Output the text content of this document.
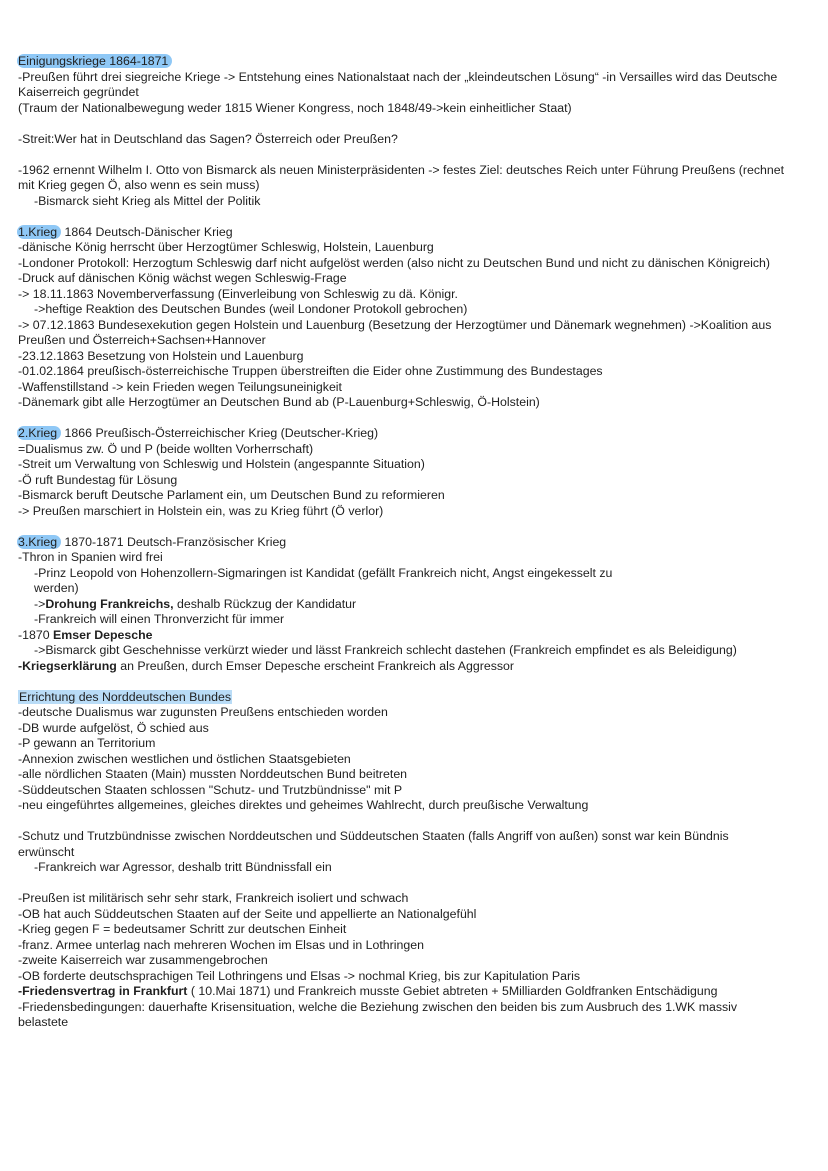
Einigungskriege 1864-1871
-Preußen führt drei siegreiche Kriege -> Entstehung eines Nationalstaat nach der „kleindeutschen Lösung“ -in Versailles wird das Deutsche
Kaiserreich gegründet
(Traum der Nationalbewegung weder 1815 Wiener Kongress, noch 1848/49->kein einheitlicher Staat)
-Streit:Wer hat in Deutschland das Sagen? Österreich oder Preußen?
-1962 ernennt Wilhelm I. Otto von Bismarck als neuen Ministerpräsidenten -> festes Ziel: deutsches Reich unter Führung Preußens (rechnet
mit Krieg gegen Ö, also wenn es sein muss)
-Bismarck sieht Krieg als Mittel der Politik
1.Krieg 1864 Deutsch-Dänischer Krieg
-dänische König herrscht über Herzogtümer Schleswig, Holstein, Lauenburg
-Londoner Protokoll: Herzogtum Schleswig darf nicht aufgelöst werden (also nicht zu Deutschen Bund und nicht zu dänischen Königreich)
-Druck auf dänischen König wächst wegen Schleswig-Frage
-> 18.11.1863 Novemberverfassung (Einverleibung von Schleswig zu dä. Königr.
->heftige Reaktion des Deutschen Bundes (weil Londoner Protokoll gebrochen)
-> 07.12.1863 Bundesexekution gegen Holstein und Lauenburg (Besetzung der Herzogtümer und Dänemark wegnehmen) ->Koalition aus
Preußen und Österreich+Sachsen+Hannover
-23.12.1863 Besetzung von Holstein und Lauenburg
-01.02.1864 preußisch-österreichische Truppen überstreiften die Eider ohne Zustimmung des Bundestages
-Waffenstillstand -> kein Frieden wegen Teilungsuneinigkeit
-Dänemark gibt alle Herzogtümer an Deutschen Bund ab (P-Lauenburg+Schleswig, Ö-Holstein)
2.Krieg 1866 Preußisch-Österreichischer Krieg (Deutscher-Krieg)
=Dualismus zw. Ö und P (beide wollten Vorherrschaft)
-Streit um Verwaltung von Schleswig und Holstein (angespannte Situation)
-Ö ruft Bundestag für Lösung
-Bismarck beruft Deutsche Parlament ein, um Deutschen Bund zu reformieren
-> Preußen marschiert in Holstein ein, was zu Krieg führt (Ö verlor)
3.Krieg 1870-1871 Deutsch-Französischer Krieg
-Thron in Spanien wird frei
-Prinz Leopold von Hohenzollern-Sigmaringen ist Kandidat (gefällt Frankreich nicht, Angst eingekesselt zu
werden)
->Drohung Frankreichs, deshalb Rückzug der Kandidatur
-Frankreich will einen Thronverzicht für immer
-1870 Emser Depesche
->Bismarck gibt Geschehnisse verkürzt wieder und lässt Frankreich schlecht dastehen (Frankreich empfindet es als Beleidigung)
-Kriegserklärung an Preußen, durch Emser Depesche erscheint Frankreich als Aggressor
Errichtung des Norddeutschen Bundes
-deutsche Dualismus war zugunsten Preußens entschieden worden
-DB wurde aufgelöst, Ö schied aus
-P gewann an Territorium
-Annexion zwischen westlichen und östlichen Staatsgebieten
-alle nördlichen Staaten (Main) mussten Norddeutschen Bund beitreten
-Süddeutschen Staaten schlossen "Schutz- und Trutzbündnisse" mit P
-neu eingeführtes allgemeines, gleiches direktes und geheimes Wahlrecht, durch preußische Verwaltung
-Schutz und Trutzbündnisse zwischen Norddeutschen und Süddeutschen Staaten (falls Angriff von außen) sonst war kein Bündnis
erwünscht
-Frankreich war Agressor, deshalb tritt Bündnissfall ein
-Preußen ist militärisch sehr sehr stark, Frankreich isoliert und schwach
-OB hat auch Süddeutschen Staaten auf der Seite und appellierte an Nationalgefühl
-Krieg gegen F = bedeutsamer Schritt zur deutschen Einheit
-franz. Armee unterlag nach mehreren Wochen im Elsas und in Lothringen
-zweite Kaiserreich war zusammengebrochen
-OB forderte deutschsprachigen Teil Lothringens und Elsas -> nochmal Krieg, bis zur Kapitulation Paris
-Friedensvertrag in Frankfurt ( 10.Mai 1871) und Frankreich musste Gebiet abtreten + 5Milliarden Goldfranken Entschädigung
-Friedensbedingungen: dauerhafte Krisensituation, welche die Beziehung zwischen den beiden bis zum Ausbruch des 1.WK massiv
belastete
